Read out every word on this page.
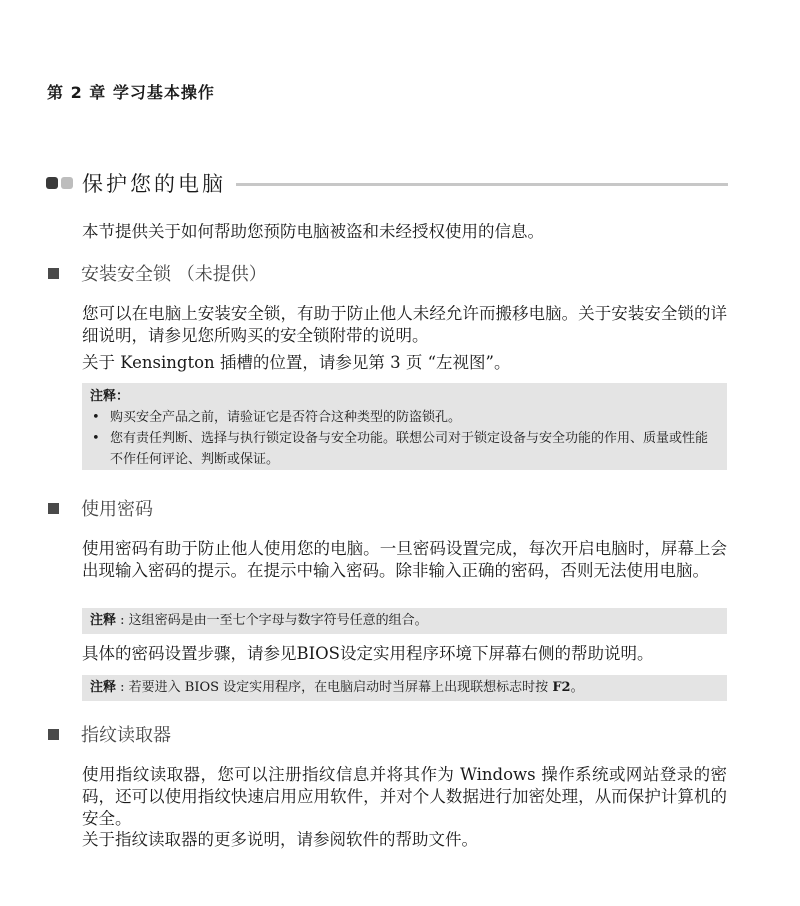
第 2 章 学习基本操作
保护您的电脑
本节提供关于如何帮助您预防电脑被盗和未经授权使用的信息。
安装安全锁 （未提供）
您可以在电脑上安装安全锁，有助于防止他人未经允许而搬移电脑。关于安装安全锁的详细说明，请参见您所购买的安全锁附带的说明。
关于 Kensington 插槽的位置，请参见第 3 页 “左视图”。
注释：
• 购买安全产品之前，请验证它是否符合这种类型的防盗锁孔。
• 您有责任判断、选择与执行锁定设备与安全功能。联想公司对于锁定设备与安全功能的作用、质量或性能不作任何评论、判断或保证。
使用密码
使用密码有助于防止他人使用您的电脑。一旦密码设置完成，每次开启电脑时，屏幕上会出现输入密码的提示。在提示中输入密码。除非输入正确的密码，否则无法使用电脑。
注释 : 这组密码是由一至七个字母与数字符号任意的组合。
具体的密码设置步骤，请参见BIOS设定实用程序环境下屏幕右侧的帮助说明。
注释 : 若要进入 BIOS 设定实用程序，在电脑启动时当屏幕上出现联想标志时按 F2。
指纹读取器
使用指纹读取器，您可以注册指纹信息并将其作为 Windows 操作系统或网站登录的密码，还可以使用指纹快速启用应用软件，并对个人数据进行加密处理，从而保护计算机的安全。
关于指纹读取器的更多说明，请参阅软件的帮助文件。
